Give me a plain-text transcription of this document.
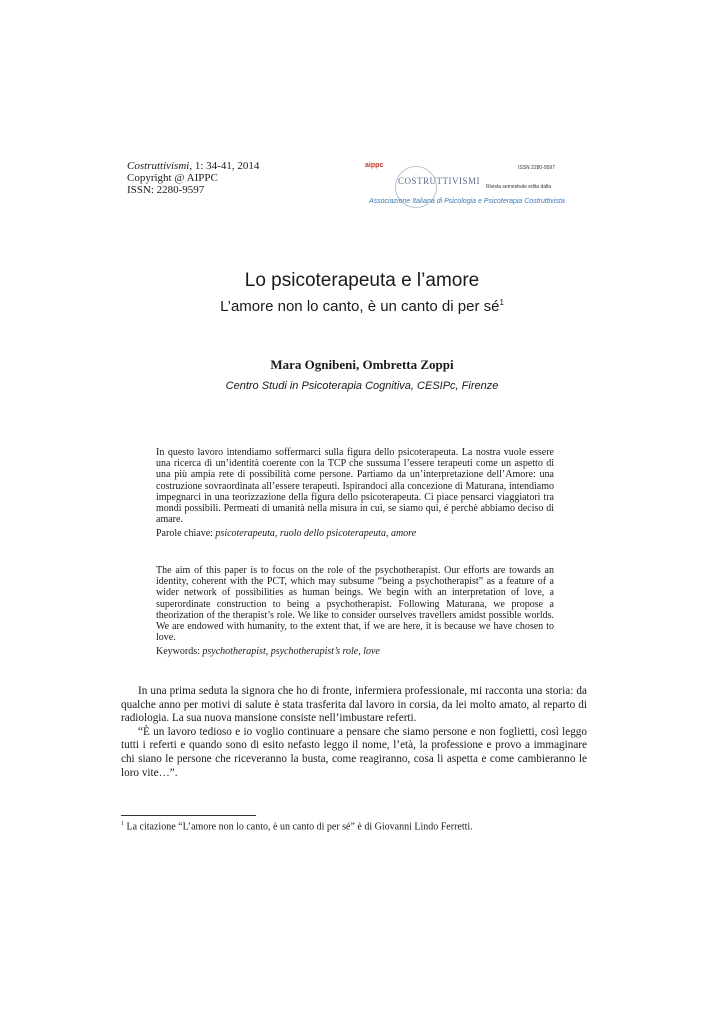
Costruttivismi, 1: 34-41, 2014
Copyright @ AIPPC
ISSN: 2280-9597
aippc
COSTRUTTIVISMI
ISSN 2280-9597
Rivista semestrale edita dalla
Associazione Italiana di Psicologia e Psicoterapia Costruttivista
Lo psicoterapeuta e l’amore
L’amore non lo canto, è un canto di per $sé^1$
Mara Ognibeni, Ombretta Zoppi
Centro Studi in Psicoterapia Cognitiva, CESIPc, Firenze
In questo lavoro intendiamo soffermarci sulla figura dello psicoterapeuta. La nostra vuole essere una ricerca di un’identità coerente con la TCP che sussuma l’essere terapeuti come un aspetto di una più ampia rete di possibilità come persone. Partiamo da un’interpretazione dell’Amore: una costruzione sovraordinata all’essere terapeuti. Ispirandoci alla concezione di Maturana, intendiamo impegnarci in una teorizzazione della figura dello psicoterapeuta. Ci piace pensarci viaggiatori tra mondi possibili. Permeati di umanità nella misura in cui, se siamo qui, é perchè abbiamo deciso di amare.
Parole chiave: psicoterapeuta, ruolo dello psicoterapeuta, amore
The aim of this paper is to focus on the role of the psychotherapist. Our efforts are towards an identity, coherent with the PCT, which may subsume “being a psychotherapist” as a feature of a wider network of possibilities as human beings. We begin with an interpretation of love, a superordinate construction to being a psychotherapist. Following Maturana, we propose a theorization of the therapist’s role. We like to consider ourselves travellers amidst possible worlds. We are endowed with humanity, to the extent that, if we are here, it is because we have chosen to love.
Keywords: psychotherapist, psychotherapist’s role, love

In una prima seduta la signora che ho di fronte, infermiera professionale, mi racconta una storia: da qualche anno per motivi di salute è stata trasferita dal lavoro in corsia, da lei molto amato, al reparto di radiologia. La sua nuova mansione consiste nell’imbustare referti.

“È un lavoro tedioso e io voglio continuare a pensare che siamo persone e non foglietti, così leggo tutti i referti e quando sono di esito nefasto leggo il nome, l’età, la professione e provo a immaginare chi siano le persone che riceveranno la busta, come reagiranno, cosa li aspetta e come cambieranno le loro vite…”.

$^1$ La citazione “L’amore non lo canto, è un canto di per sé” è di Giovanni Lindo Ferretti.
